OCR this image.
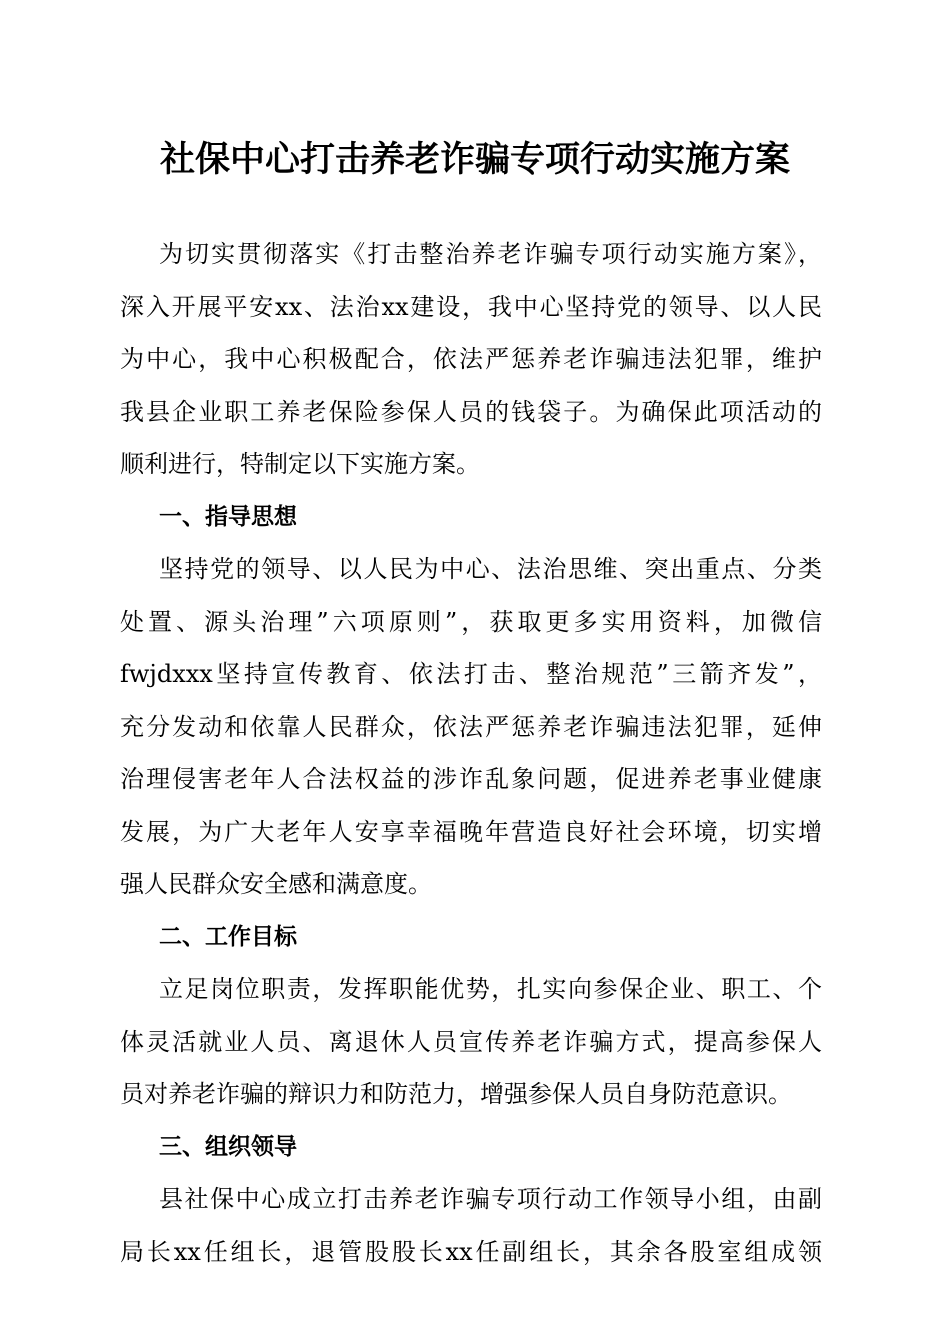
社保中心打击养老诈骗专项行动实施方案
为切实贯彻落实《打击整治养老诈骗专项行动实施方案》，
深入开展平安xx、法治xx建设，我中心坚持党的领导、以人民
为中心，我中心积极配合，依法严惩养老诈骗违法犯罪，维护
我县企业职工养老保险参保人员的钱袋子。为确保此项活动的
顺利进行，特制定以下实施方案。
一、指导思想
坚持党的领导、以人民为中心、法治思维、突出重点、分类
处置、源头治理”六项原则”，获取更多实用资料，加微信
fwjdxxx坚持宣传教育、依法打击、整治规范”三箭齐发”，
充分发动和依靠人民群众，依法严惩养老诈骗违法犯罪，延伸
治理侵害老年人合法权益的涉诈乱象问题，促进养老事业健康
发展，为广大老年人安享幸福晚年营造良好社会环境，切实增
强人民群众安全感和满意度。
二、工作目标
立足岗位职责，发挥职能优势，扎实向参保企业、职工、个
体灵活就业人员、离退休人员宣传养老诈骗方式，提高参保人
员对养老诈骗的辩识力和防范力，增强参保人员自身防范意识。
三、组织领导
县社保中心成立打击养老诈骗专项行动工作领导小组，由副
局长xx任组长，退管股股长xx任副组长，其余各股室组成领
